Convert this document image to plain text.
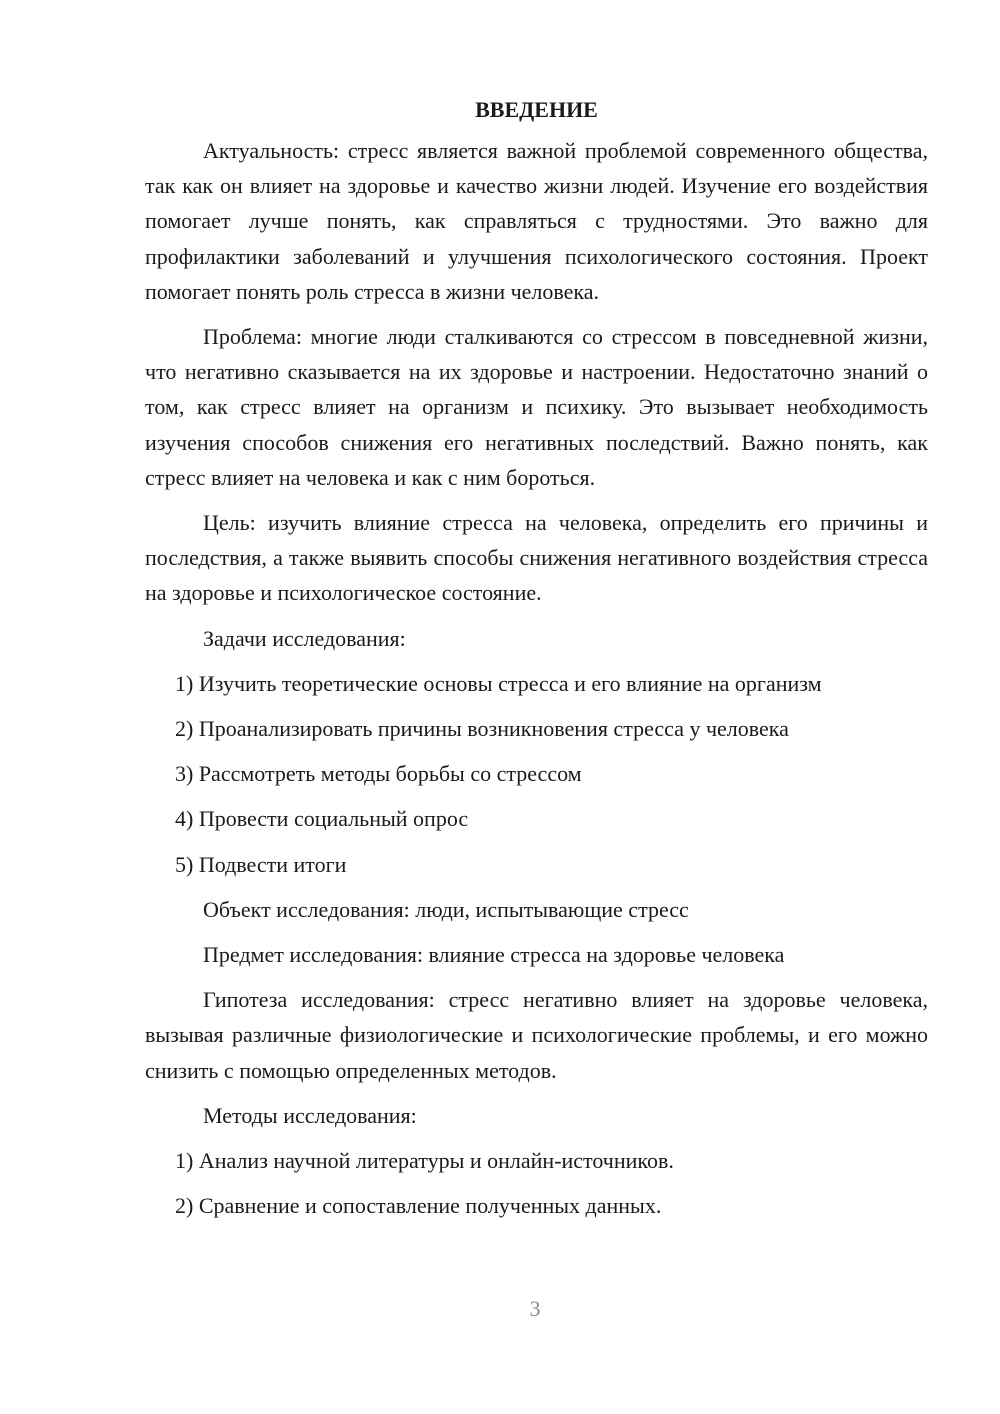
ВВЕДЕНИЕ

Актуальность: стресс является важной проблемой современного общества, так как он влияет на здоровье и качество жизни людей. Изучение его воздействия помогает лучше понять, как справляться с трудностями. Это важно для профилактики заболеваний и улучшения психологического состояния. Проект помогает понять роль стресса в жизни человека.

Проблема: многие люди сталкиваются со стрессом в повседневной жизни, что негативно сказывается на их здоровье и настроении. Недостаточно знаний о том, как стресс влияет на организм и психику. Это вызывает необходимость изучения способов снижения его негативных последствий. Важно понять, как стресс влияет на человека и как с ним бороться.

Цель: изучить влияние стресса на человека, определить его причины и последствия, а также выявить способы снижения негативного воздействия стресса на здоровье и психологическое состояние.

Задачи исследования:

1) Изучить теоретические основы стресса и его влияние на организм

2) Проанализировать причины возникновения стресса у человека

3) Рассмотреть методы борьбы со стрессом

4) Провести социальный опрос

5) Подвести итоги

Объект исследования: люди, испытывающие стресс

Предмет исследования: влияние стресса на здоровье человека

Гипотеза исследования: стресс негативно влияет на здоровье человека, вызывая различные физиологические и психологические проблемы, и его можно снизить с помощью определенных методов.

Методы исследования:

1) Анализ научной литературы и онлайн-источников.

2) Сравнение и сопоставление полученных данных.

3
